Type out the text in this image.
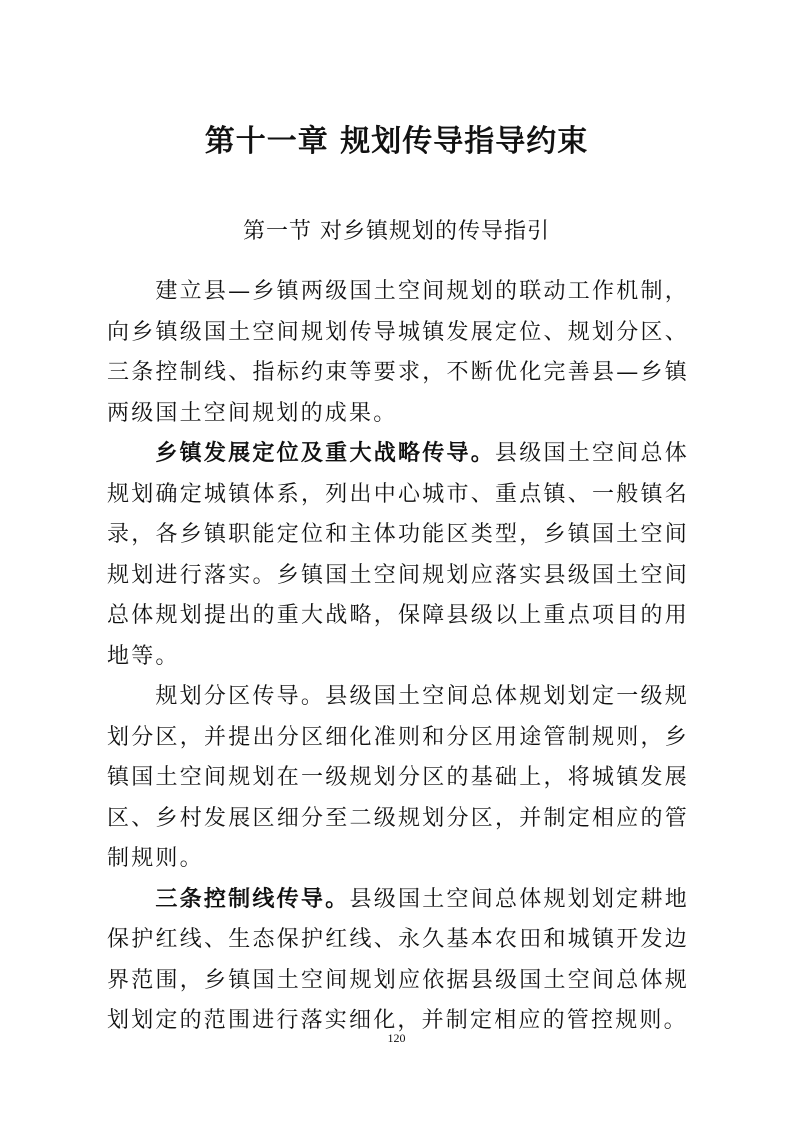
第十一章 规划传导指导约束
第一节 对乡镇规划的传导指引

建立县—乡镇两级国土空间规划的联动工作机制，向乡镇级国土空间规划传导城镇发展定位、规划分区、三条控制线、指标约束等要求，不断优化完善县—乡镇两级国土空间规划的成果。

乡镇发展定位及重大战略传导。县级国土空间总体规划确定城镇体系，列出中心城市、重点镇、一般镇名录，各乡镇职能定位和主体功能区类型，乡镇国土空间规划进行落实。乡镇国土空间规划应落实县级国土空间总体规划提出的重大战略，保障县级以上重点项目的用地等。

规划分区传导。县级国土空间总体规划划定一级规划分区，并提出分区细化准则和分区用途管制规则，乡镇国土空间规划在一级规划分区的基础上，将城镇发展区、乡村发展区细分至二级规划分区，并制定相应的管制规则。

三条控制线传导。县级国土空间总体规划划定耕地保护红线、生态保护红线、永久基本农田和城镇开发边界范围，乡镇国土空间规划应依据县级国土空间总体规划划定的范围进行落实细化，并制定相应的管控规则。

120
